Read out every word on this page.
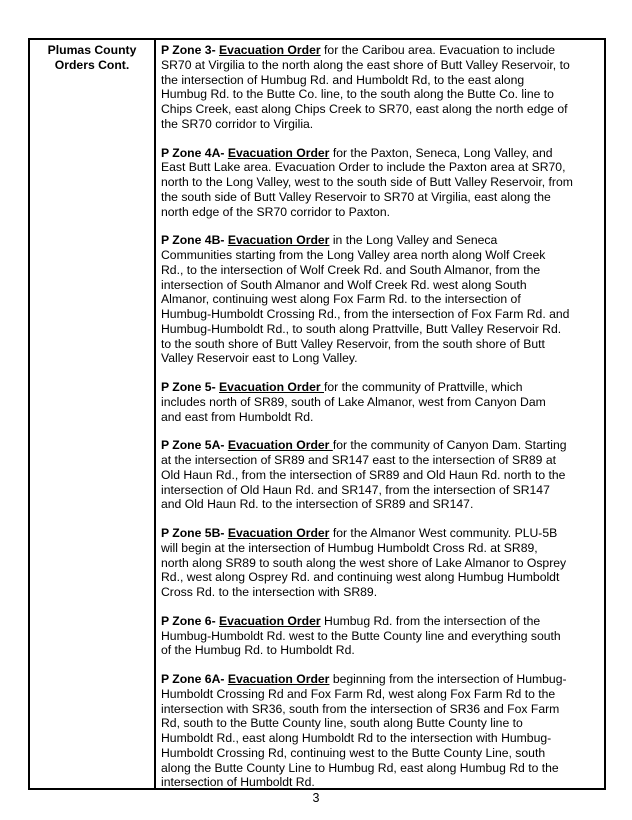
Plumas County
Orders Cont.
P Zone 3- Evacuation Order for the Caribou area. Evacuation to include
SR70 at Virgilia to the north along the east shore of Butt Valley Reservoir, to
the intersection of Humbug Rd. and Humboldt Rd, to the east along
Humbug Rd. to the Butte Co. line, to the south along the Butte Co. line to
Chips Creek, east along Chips Creek to SR70, east along the north edge of
the SR70 corridor to Virgilia.
P Zone 4A- Evacuation Order for the Paxton, Seneca, Long Valley, and
East Butt Lake area. Evacuation Order to include the Paxton area at SR70,
north to the Long Valley, west to the south side of Butt Valley Reservoir, from
the south side of Butt Valley Reservoir to SR70 at Virgilia, east along the
north edge of the SR70 corridor to Paxton.
P Zone 4B- Evacuation Order in the Long Valley and Seneca
Communities starting from the Long Valley area north along Wolf Creek
Rd., to the intersection of Wolf Creek Rd. and South Almanor, from the
intersection of South Almanor and Wolf Creek Rd. west along South
Almanor, continuing west along Fox Farm Rd. to the intersection of
Humbug-Humboldt Crossing Rd., from the intersection of Fox Farm Rd. and
Humbug-Humboldt Rd., to south along Prattville, Butt Valley Reservoir Rd.
to the south shore of Butt Valley Reservoir, from the south shore of Butt
Valley Reservoir east to Long Valley.
P Zone 5- Evacuation Order for the community of Prattville, which
includes north of SR89, south of Lake Almanor, west from Canyon Dam
and east from Humboldt Rd.
P Zone 5A- Evacuation Order for the community of Canyon Dam. Starting
at the intersection of SR89 and SR147 east to the intersection of SR89 at
Old Haun Rd., from the intersection of SR89 and Old Haun Rd. north to the
intersection of Old Haun Rd. and SR147, from the intersection of SR147
and Old Haun Rd. to the intersection of SR89 and SR147.
P Zone 5B- Evacuation Order for the Almanor West community. PLU-5B
will begin at the intersection of Humbug Humboldt Cross Rd. at SR89,
north along SR89 to south along the west shore of Lake Almanor to Osprey
Rd., west along Osprey Rd. and continuing west along Humbug Humboldt
Cross Rd. to the intersection with SR89.
P Zone 6- Evacuation Order Humbug Rd. from the intersection of the
Humbug-Humboldt Rd. west to the Butte County line and everything south
of the Humbug Rd. to Humboldt Rd.
P Zone 6A- Evacuation Order beginning from the intersection of Humbug-
Humboldt Crossing Rd and Fox Farm Rd, west along Fox Farm Rd to the
intersection with SR36, south from the intersection of SR36 and Fox Farm
Rd, south to the Butte County line, south along Butte County line to
Humboldt Rd., east along Humboldt Rd to the intersection with Humbug-
Humboldt Crossing Rd, continuing west to the Butte County Line, south
along the Butte County Line to Humbug Rd, east along Humbug Rd to the
intersection of Humboldt Rd.
3
